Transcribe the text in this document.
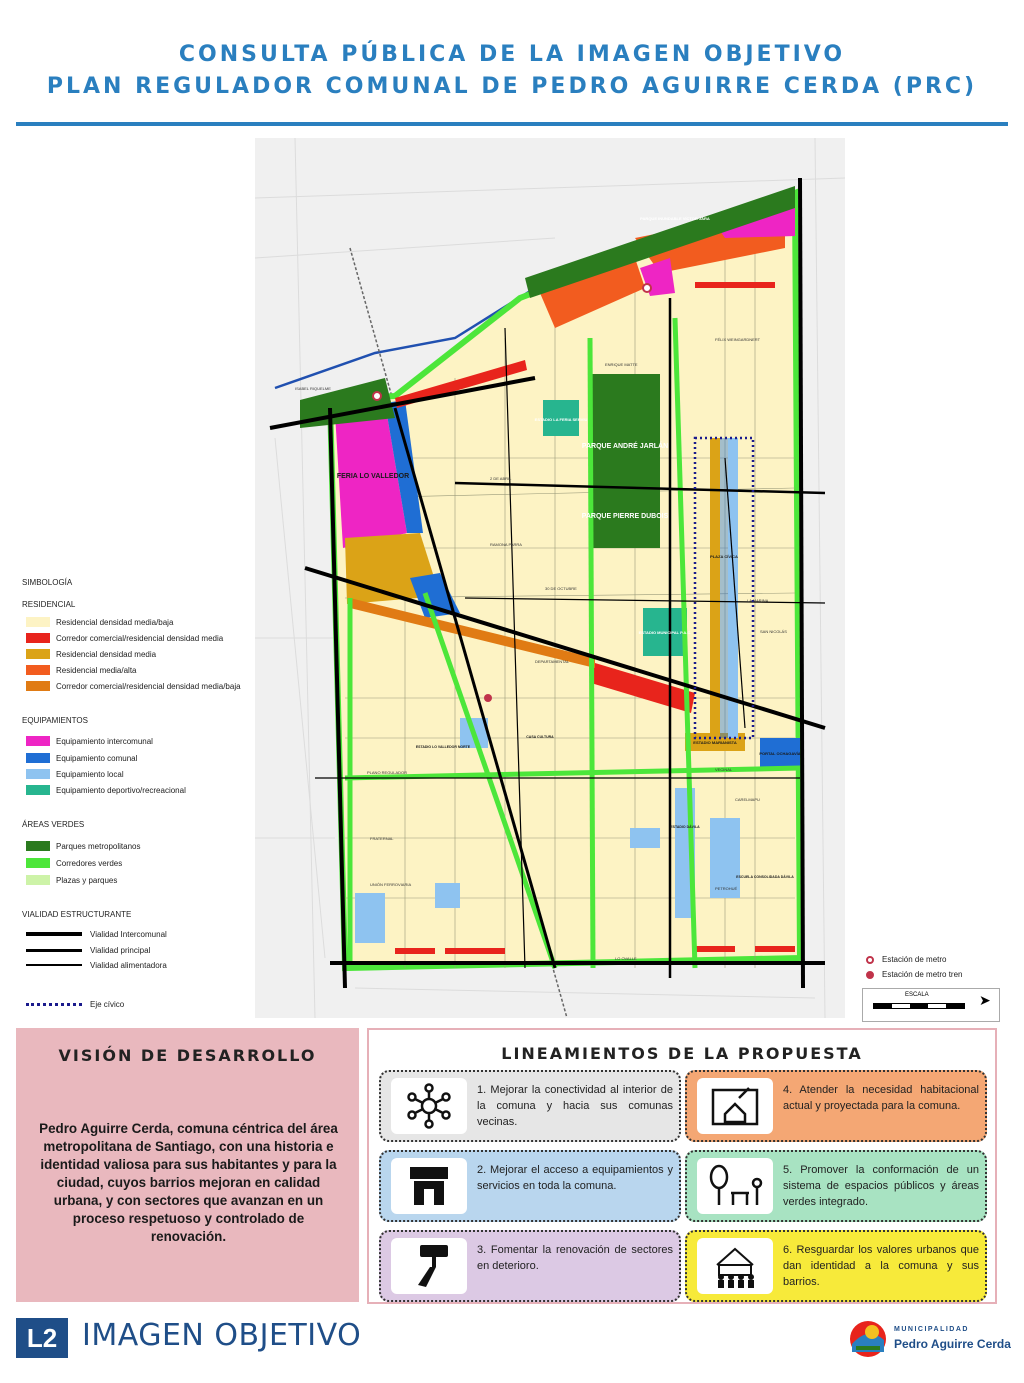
CONSULTA PÚBLICA DE LA IMAGEN OBJETIVO
PLAN REGULADOR COMUNAL DE PEDRO AGUIRRE CERDA (PRC)
FERIA LO VALLEDOR
PARQUE ANDRÉ JARLÁN
PARQUE PIERRE DUBOIS
ESTADIO LA FERIA SERVIU
ESTADIO MUNICIPAL P.A.C.
PLAZA CÍVICA
ESTADIO MARIANISTA
PORTAL OCHAGAVÍA
PARQUE INUNDABLE VÍCTOR JARA
ESTADIO LO VALLEDOR NORTE
CASA CULTURA
ESTADIO DÁVILA
ESCUELA CONSOLIDADA DÁVILA
FÉLIX WEINGARDNERT
ENRIQUE MATTE
ISABEL RIQUELME
2 DE ABRIL
RAMONA PARRA
30 DE OCTUBRE
LA MARINA
SAN NICOLÁS
DEPARTAMENTAL
PLANO REGULADOR
FRATERNAL
UNIÓN FERROVIARIA
CARELMAPU
VECINAL
PETROHUÉ
LO OVALLE
SIMBOLOGÍA
RESIDENCIAL
Residencial densidad media/baja
Corredor comercial/residencial densidad media
Residencial densidad media
Residencial media/alta
Corredor comercial/residencial densidad media/baja
EQUIPAMIENTOS
Equipamiento intercomunal
Equipamiento comunal
Equipamiento local
Equipamiento deportivo/recreacional
ÁREAS VERDES
Parques metropolitanos
Corredores verdes
Plazas y parques
VIALIDAD ESTRUCTURANTE
Vialidad Intercomunal
Vialidad principal
Vialidad alimentadora
Eje cívico
Estación de metro
Estación de metro tren
ESCALA	➤
VISIÓN DE DESARROLLO

Pedro Aguirre Cerda, comuna céntrica del área metropolitana de Santiago, con una historia e identidad valiosa para sus habitantes y para la ciudad, cuyos barrios mejoran en calidad urbana, y con sectores que avanzan en un proceso respetuoso y controlado de renovación.

LINEAMIENTOS DE LA PROPUESTA
1. Mejorar la conectividad al interior de la comuna y hacia sus comunas vecinas.
4. Atender la necesidad habitacional actual y proyectada para la comuna.
2. Mejorar el acceso a equipamientos y servicios en toda la comuna.
5. Promover la conformación de un sistema de espacios públicos y áreas verdes integrado.
3. Fomentar la renovación de sectores en deterioro.
6. Resguardar los valores urbanos que dan identidad a la comuna y sus barrios.
L2 IMAGEN OBJETIVO	MUNICIPALIDAD
Pedro Aguirre Cerda
